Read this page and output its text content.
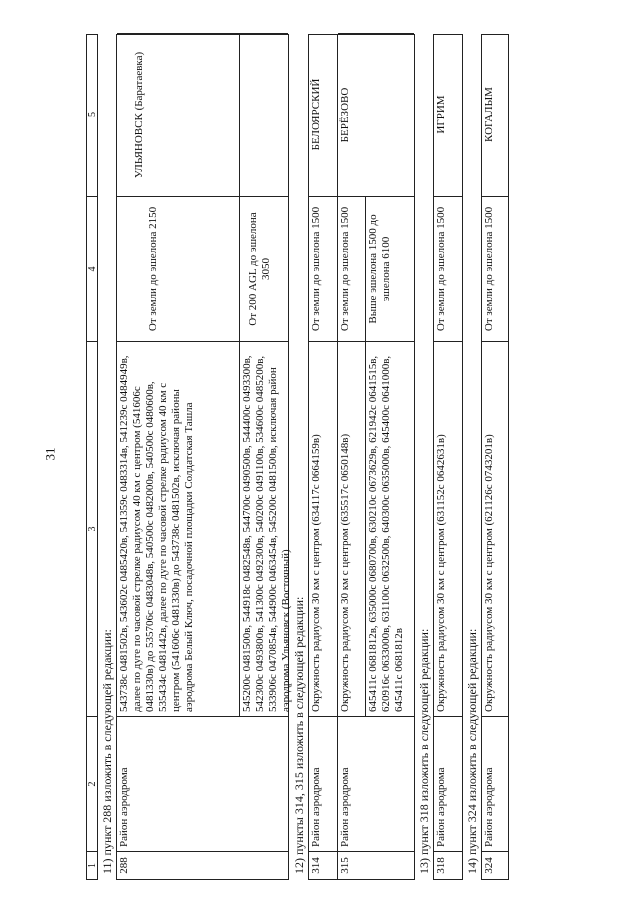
31
1
2
3
4
5
11) пункт 288 изложить в следующей редакции: 288
Район аэродрома
543738с 0481502в, 543602с 0485420в, 541359с 0483314в, 541239с 0484949в, далее по дуге по часовой стрелке радиусом 40 км с центром (541606с 0481330в) до 535706с 0483048в, 540500с 0482000в, 540500с 0480600в, 535434с 0481442в, далее по дуге по часовой стрелке радиусом 40 км с центром (541606с 0481330в) до 543738с 0481502в, исключая районы аэродрома Белый Ключ, посадочной площадки Солдатская Ташла	545200с 0481500в, 544918с 0482548в, 544700с 0490500в, 544400с 0493300в, 542300с 0493800в, 541300с 0492300в, 540200с 0491100в, 534600с 0485200в, 533906с 0470854в, 544900с 0463454в, 545200с 0481500в, исключая район аэродрома Ульяновск (Восточный)
От земли до эшелона 2150	От 200 AGL до эшелона 3050
УЛЬЯНОВСК (Баратаевка)
12) пункты 314, 315 изложить в следующей редакции: 314
Район аэродрома
Окружность радиусом 30 км с центром (634117с 0664159в)
От земли до эшелона 1500
БЕЛОЯРСКИЙ
315
Район аэродрома
Окружность радиусом 30 км с центром (635517с 0650148в) 645411с 0681812в, 635000с 0680700в, 630210с 0673629в, 621942с 0641515в, 620916с 0633000в, 631100с 0632500в, 640300с 0635000в, 645400с 0641000в, 645411с 0681812в
От земли до эшелона 1500 Выше эшелона 1500 до эшелона 6100
БЕРЁЗОВО
13) пункт 318 изложить в следующей редакции: 318
Район аэродрома
Окружность радиусом 30 км с центром (631152с 0642631в)
От земли до эшелона 1500
ИГРИМ
14) пункт 324 изложить в следующей редакции: 324
Район аэродрома
Окружность радиусом 30 км с центром (621126с 0743201в)
От земли до эшелона 1500
КОГАЛЫМ
